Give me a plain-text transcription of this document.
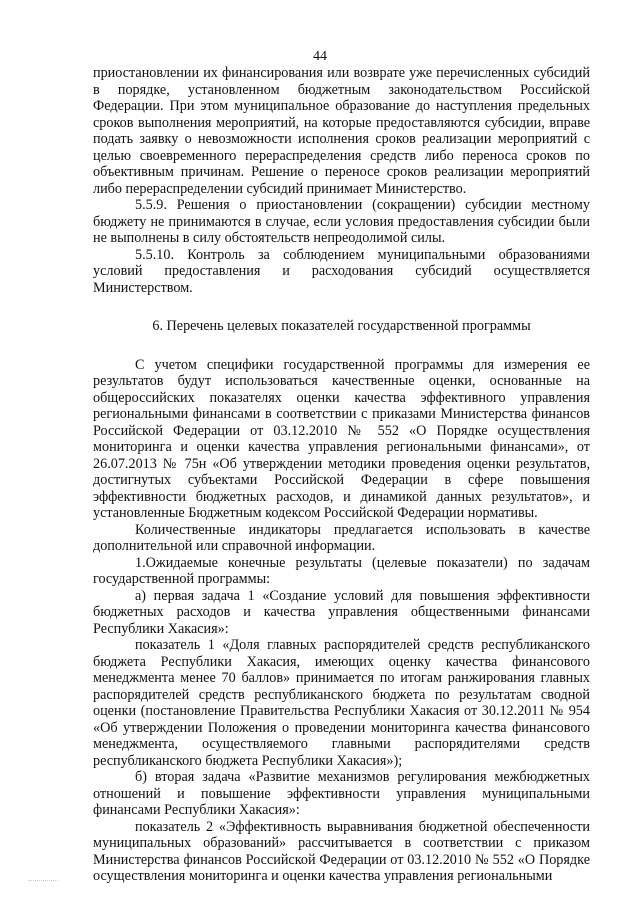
44

приостановлении их финансирования или возврате уже перечисленных субсидий в порядке, установленном бюджетным законодательством Российской Федерации. При этом муниципальное образование до наступления предельных сроков выполнения мероприятий, на которые предоставляются субсидии, вправе подать заявку о невозможности исполнения сроков реализации мероприятий с целью своевременного перераспределения средств либо переноса сроков по объективным причинам. Решение о переносе сроков реализации мероприятий либо перераспределении субсидий принимает Министерство.

5.5.9. Решения о приостановлении (сокращении) субсидии местному бюджету не принимаются в случае, если условия предоставления субсидии были не выполнены в силу обстоятельств непреодолимой силы.

5.5.10. Контроль за соблюдением муниципальными образованиями условий предоставления и расходования субсидий осуществляется Министерством.

6. Перечень целевых показателей государственной программы

С учетом специфики государственной программы для измерения ее результатов будут использоваться качественные оценки, основанные на общероссийских показателях оценки качества эффективного управления региональными финансами в соответствии с приказами Министерства финансов Российской Федерации от 03.12.2010 № 552 «О Порядке осуществления мониторинга и оценки качества управления региональными финансами», от 26.07.2013 № 75н «Об утверждении методики проведения оценки результатов, достигнутых субъектами Российской Федерации в сфере повышения эффективности бюджетных расходов, и динамикой данных результатов», и установленные Бюджетным кодексом Российской Федерации нормативы.

Количественные индикаторы предлагается использовать в качестве дополнительной или справочной информации.

1.Ожидаемые конечные результаты (целевые показатели) по задачам государственной программы:

а) первая задача 1 «Создание условий для повышения эффективности бюджетных расходов и качества управления общественными финансами Республики Хакасия»:

показатель 1 «Доля главных распорядителей средств республиканского бюджета Республики Хакасия, имеющих оценку качества финансового менеджмента менее 70 баллов» принимается по итогам ранжирования главных распорядителей средств республиканского бюджета по результатам сводной оценки (постановление Правительства Республики Хакасия от 30.12.2011 № 954 «Об утверждении Положения о проведении мониторинга качества финансового менеджмента, осуществляемого главными распорядителями средств республиканского бюджета Республики Хакасия»);

б) вторая задача «Развитие механизмов регулирования межбюджетных отношений и повышение эффективности управления муниципальными финансами Республики Хакасия»:

показатель 2 «Эффективность выравнивания бюджетной обеспеченности муниципальных образований» рассчитывается в соответствии с приказом Министерства финансов Российской Федерации от 03.12.2010 № 552 «О Порядке осуществления мониторинга и оценки качества управления региональными
